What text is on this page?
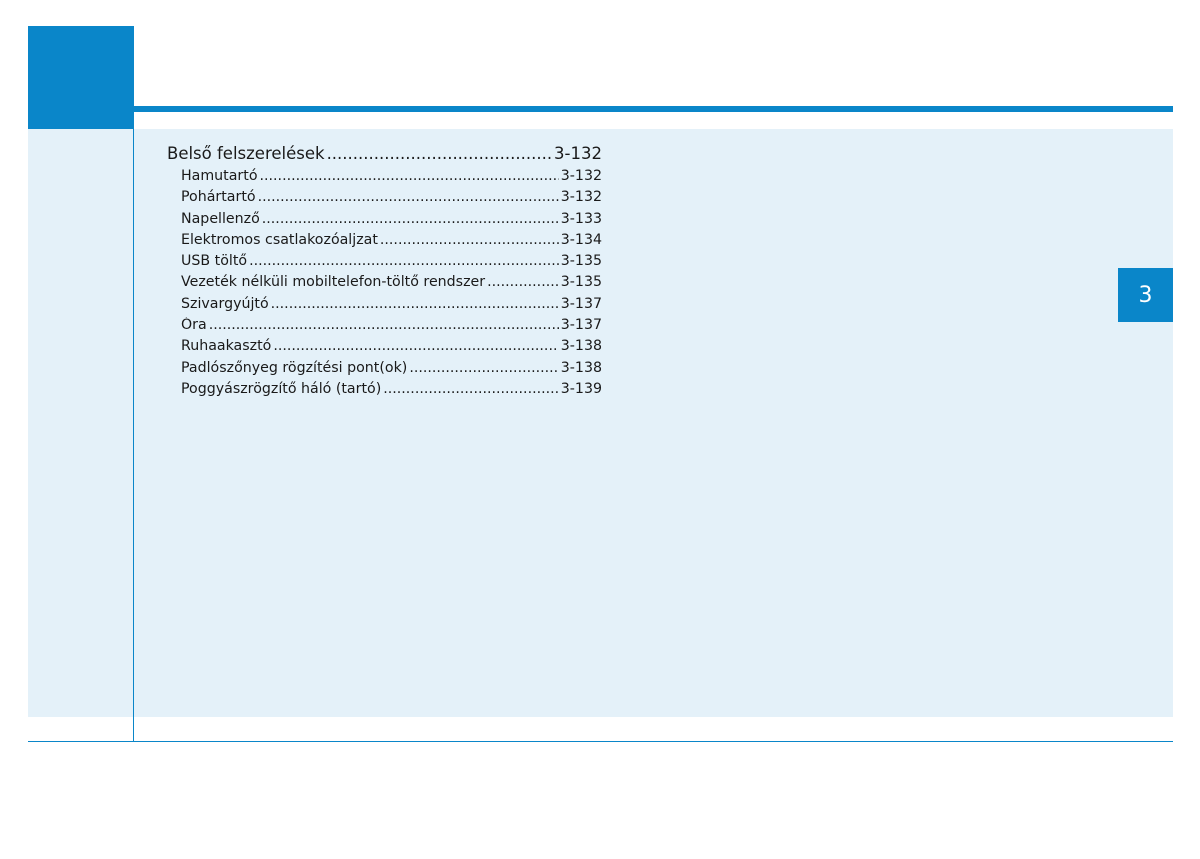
3
Belső felszerelések .....	3-132
Hamutartó .....	3-132
Pohártartó .....	3-132
Napellenző .....	3-133
Elektromos csatlakozóaljzat .....	3-134
USB töltő .....	3-135
Vezeték nélküli mobiltelefon-töltő rendszer .....	3-135
Szivargyújtó .....	3-137
Óra .....	3-137
Ruhaakasztó .....	3-138
Padlószőnyeg rögzítési pont(ok) .....	3-138
Poggyászrögzítő háló (tartó) .....	3-139
